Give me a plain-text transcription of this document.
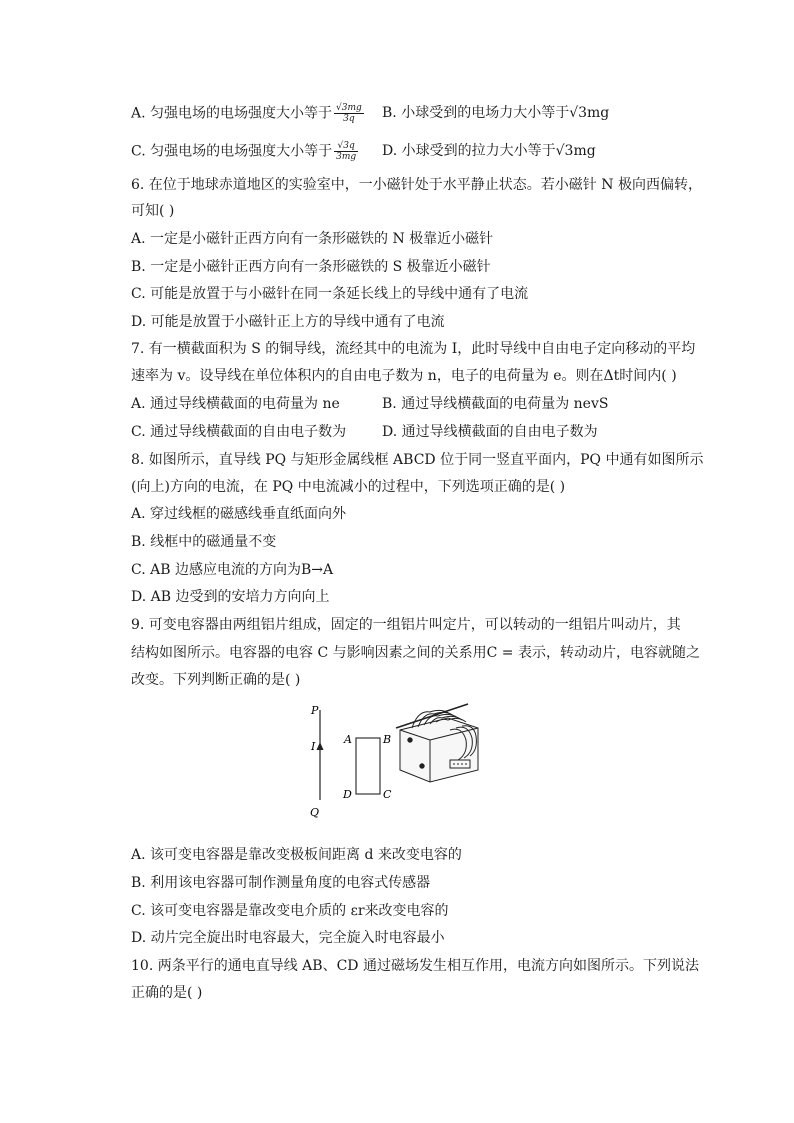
A. 匀强电场的电场强度大小等于 $\frac{√3mg}{3q} B$. 小球受到的电场力大小等于√3mg
C. 匀强电场的电场强度大小等于 $\frac{√3q}{3mg} D$. 小球受到的拉力大小等于√3mg
6. 在位于地球赤道地区的实验室中，一小磁针处于水平静止状态。若小磁针 N 极向西偏转，
可知( )
A. 一定是小磁针正西方向有一条形磁铁的 N 极靠近小磁针
B. 一定是小磁针正西方向有一条形磁铁的 S 极靠近小磁针
C. 可能是放置于与小磁针在同一条延长线上的导线中通有了电流
D. 可能是放置于小磁针正上方的导线中通有了电流
7. 有一横截面积为 S 的铜导线，流经其中的电流为 I，此时导线中自由电子定向移动的平均
速率为 v。设导线在单位体积内的自由电子数为 n，电子的电荷量为 e。则在Δt时间内( )
A. 通过导线横截面的电荷量为 ne	B. 通过导线横截面的电荷量为 nevS
C. 通过导线横截面的自由电子数为	D. 通过导线横截面的自由电子数为
8. 如图所示，直导线 PQ 与矩形金属线框 ABCD 位于同一竖直平面内，PQ 中通有如图所示
(向上)方向的电流，在 PQ 中电流减小的过程中，下列选项正确的是( )
A. 穿过线框的磁感线垂直纸面向外
B. 线框中的磁通量不变
C. AB 边感应电流的方向为B→A
D. AB 边受到的安培力方向向上
9. 可变电容器由两组铝片组成，固定的一组铝片叫定片，可以转动的一组铝片叫动片，其
结构如图所示。电容器的电容 C 与影响因素之间的关系用C = 表示，转动动片，电容就随之
改变。下列判断正确的是( )
P
I
Q
A	B
D	C
A. 该可变电容器是靠改变极板间距离 d 来改变电容的
B. 利用该电容器可制作测量角度的电容式传感器
C. 该可变电容器是靠改变电介质的 εr来改变电容的
D. 动片完全旋出时电容最大，完全旋入时电容最小
10. 两条平行的通电直导线 AB、CD 通过磁场发生相互作用，电流方向如图所示。下列说法
正确的是( )
